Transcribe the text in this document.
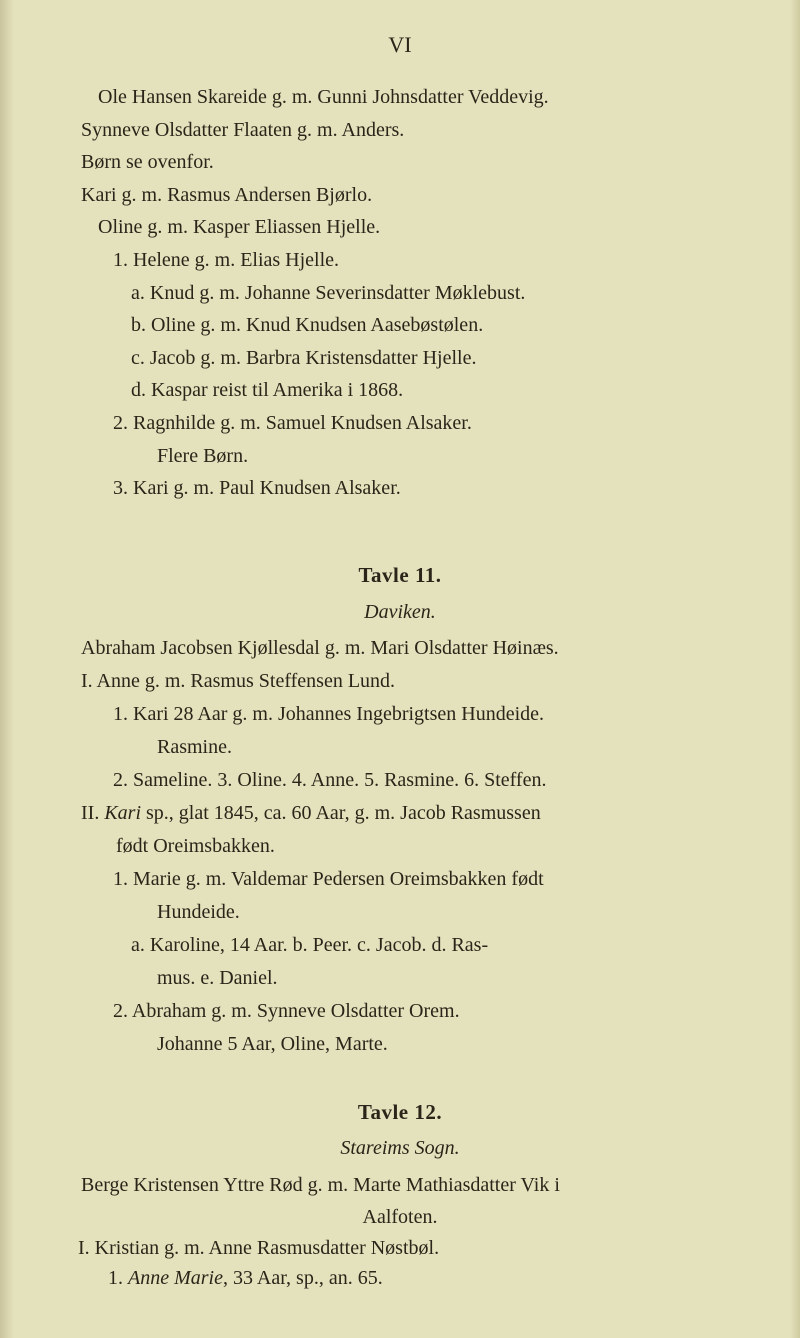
VI
Ole Hansen Skareide g. m. Gunni Johnsdatter Veddevig.
Synneve Olsdatter Flaaten g. m. Anders.
Børn se ovenfor.
Kari g. m. Rasmus Andersen Bjørlo.
Oline g. m. Kasper Eliassen Hjelle.
1. Helene g. m. Elias Hjelle.
a. Knud g. m. Johanne Severinsdatter Møklebust.
b. Oline g. m. Knud Knudsen Aasebøstølen.
c. Jacob g. m. Barbra Kristensdatter Hjelle.
d. Kaspar reist til Amerika i 1868.
2. Ragnhilde g. m. Samuel Knudsen Alsaker.
Flere Børn.
3. Kari g. m. Paul Knudsen Alsaker.
Tavle 11.
Daviken.
Abraham Jacobsen Kjøllesdal g. m. Mari Olsdatter Høinæs.
I. Anne g. m. Rasmus Steffensen Lund.
1. Kari 28 Aar g. m. Johannes Ingebrigtsen Hundeide.
Rasmine.
2. Sameline. 3. Oline. 4. Anne. 5. Rasmine. 6. Steffen.
II. Kari sp., glat 1845, ca. 60 Aar, g. m. Jacob Rasmussen
født Oreimsbakken.
1. Marie g. m. Valdemar Pedersen Oreimsbakken født
Hundeide.
a. Karoline, 14 Aar. b. Peer. c. Jacob. d. Ras-
mus. e. Daniel.
2. Abraham g. m. Synneve Olsdatter Orem.
Johanne 5 Aar, Oline, Marte.
Tavle 12.
Stareims Sogn.
Berge Kristensen Yttre Rød g. m. Marte Mathiasdatter Vik i
Aalfoten.
I. Kristian g. m. Anne Rasmusdatter Nøstbøl.
1. Anne Marie, 33 Aar, sp., an. 65.
